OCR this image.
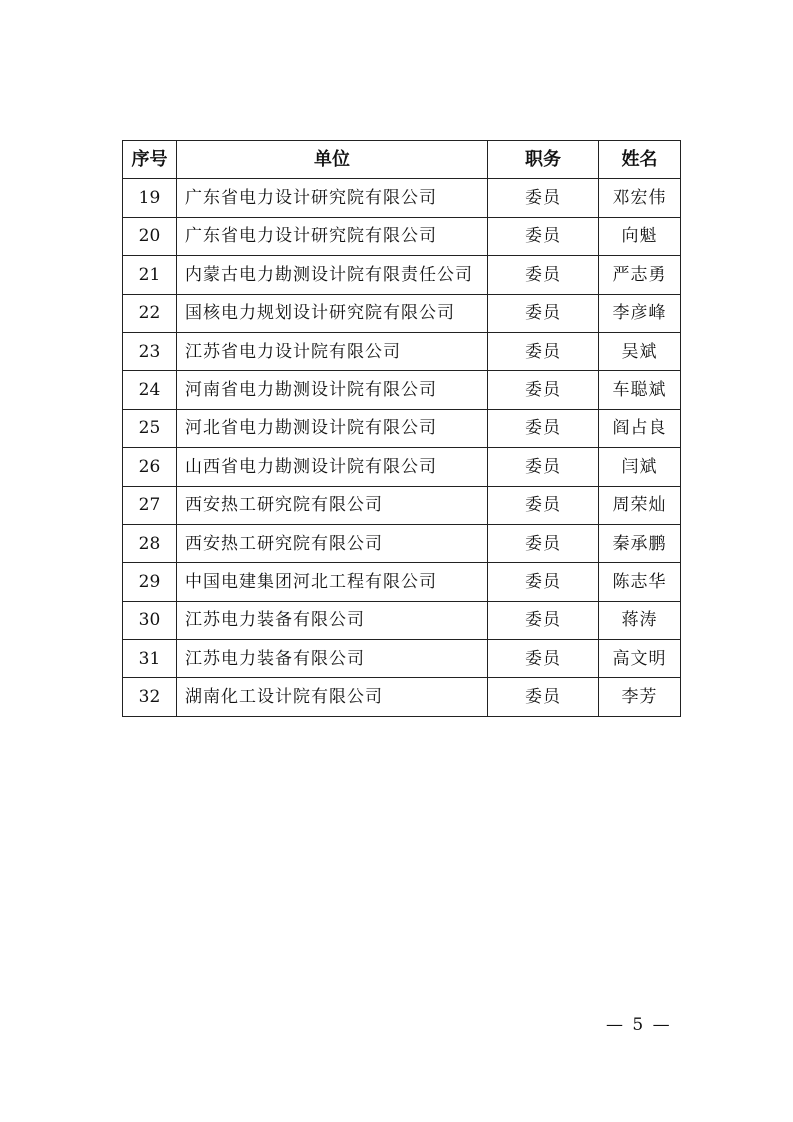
序号	单位	职务	姓名
19	广东省电力设计研究院有限公司	委员	邓宏伟
20	广东省电力设计研究院有限公司	委员	向魁
21	内蒙古电力勘测设计院有限责任公司	委员	严志勇
22	国核电力规划设计研究院有限公司	委员	李彦峰
23	江苏省电力设计院有限公司	委员	吴斌
24	河南省电力勘测设计院有限公司	委员	车聪斌
25	河北省电力勘测设计院有限公司	委员	阎占良
26	山西省电力勘测设计院有限公司	委员	闫斌
27	西安热工研究院有限公司	委员	周荣灿
28	西安热工研究院有限公司	委员	秦承鹏
29	中国电建集团河北工程有限公司	委员	陈志华
30	江苏电力装备有限公司	委员	蒋涛
31	江苏电力装备有限公司	委员	高文明
32	湖南化工设计院有限公司	委员	李芳
— 5 —
